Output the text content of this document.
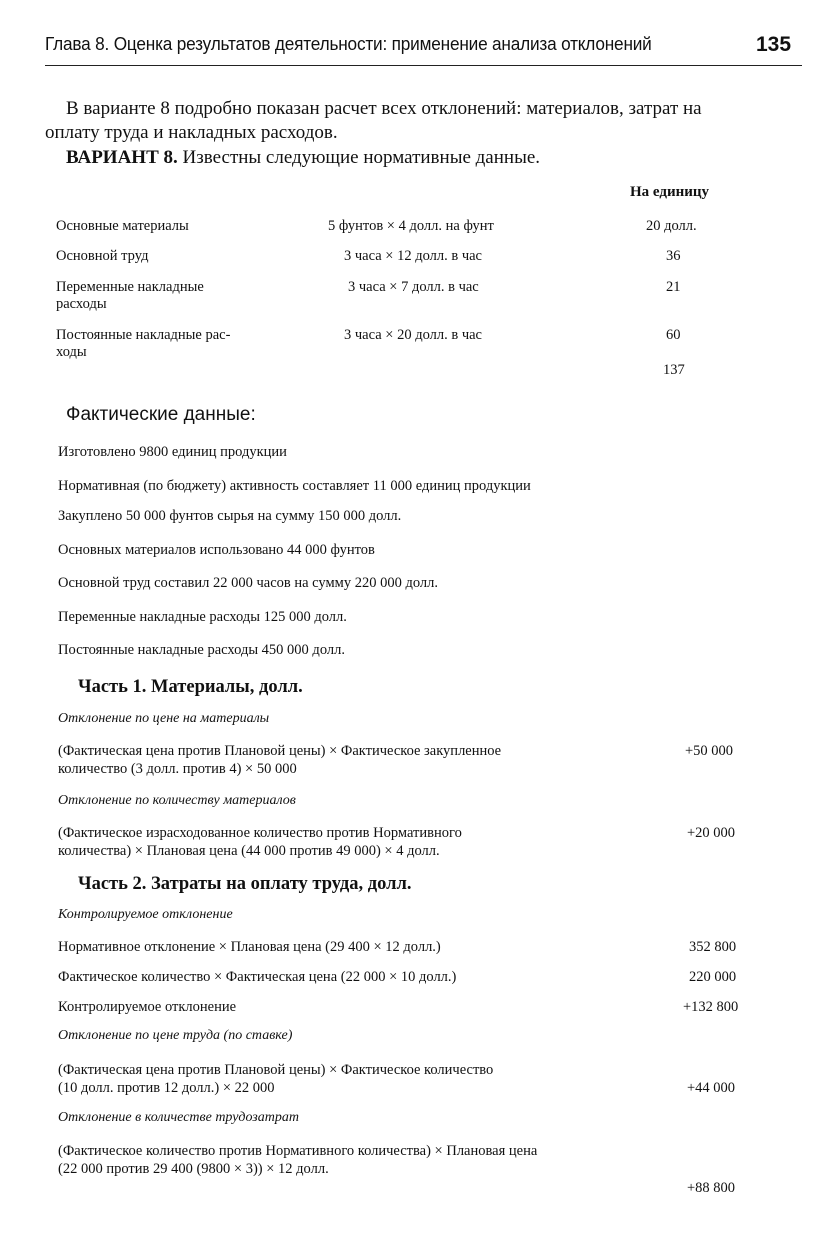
Глава 8. Оценка результатов деятельности: применение анализа отклонений	135
В варианте 8 подробно показан расчет всех отклонений: материалов, затрат на
оплату труда и накладных расходов.
ВАРИАНТ 8. Известны следующие нормативные данные.
На единицу
Основные материалы	5 фунтов × 4 долл. на фунт	20 долл.
Основной труд	3 часа × 12 долл. в час	36
Переменные накладные
расходы
3 часа × 7 долл. в час	21
Постоянные накладные рас-
ходы
3 часа × 20 долл. в час	60
137
Фактические данные:
Изготовлено 9800 единиц продукции
Нормативная (по бюджету) активность составляет 11 000 единиц продукции
Закуплено 50 000 фунтов сырья на сумму 150 000 долл.
Основных материалов использовано 44 000 фунтов
Основной труд составил 22 000 часов на сумму 220 000 долл.
Переменные накладные расходы 125 000 долл.
Постоянные накладные расходы 450 000 долл.
Часть 1. Материалы, долл.
Отклонение по цене на материалы
(Фактическая цена против Плановой цены) × Фактическое закупленное
количество (3 долл. против 4) × 50 000
+50 000
Отклонение по количеству материалов
(Фактическое израсходованное количество против Нормативного
количества) × Плановая цена (44 000 против 49 000) × 4 долл.
+20 000
Часть 2. Затраты на оплату труда, долл.
Контролируемое отклонение
Нормативное отклонение × Плановая цена (29 400 × 12 долл.)	352 800
Фактическое количество × Фактическая цена (22 000 × 10 долл.)	220 000
Контролируемое отклонение	+132 800
Отклонение по цене труда (по ставке)
(Фактическая цена против Плановой цены) × Фактическое количество
(10 долл. против 12 долл.) × 22 000	+44 000
Отклонение в количестве трудозатрат
(Фактическое количество против Нормативного количества) × Плановая цена
(22 000 против 29 400 (9800 × 3)) × 12 долл.
+88 800
